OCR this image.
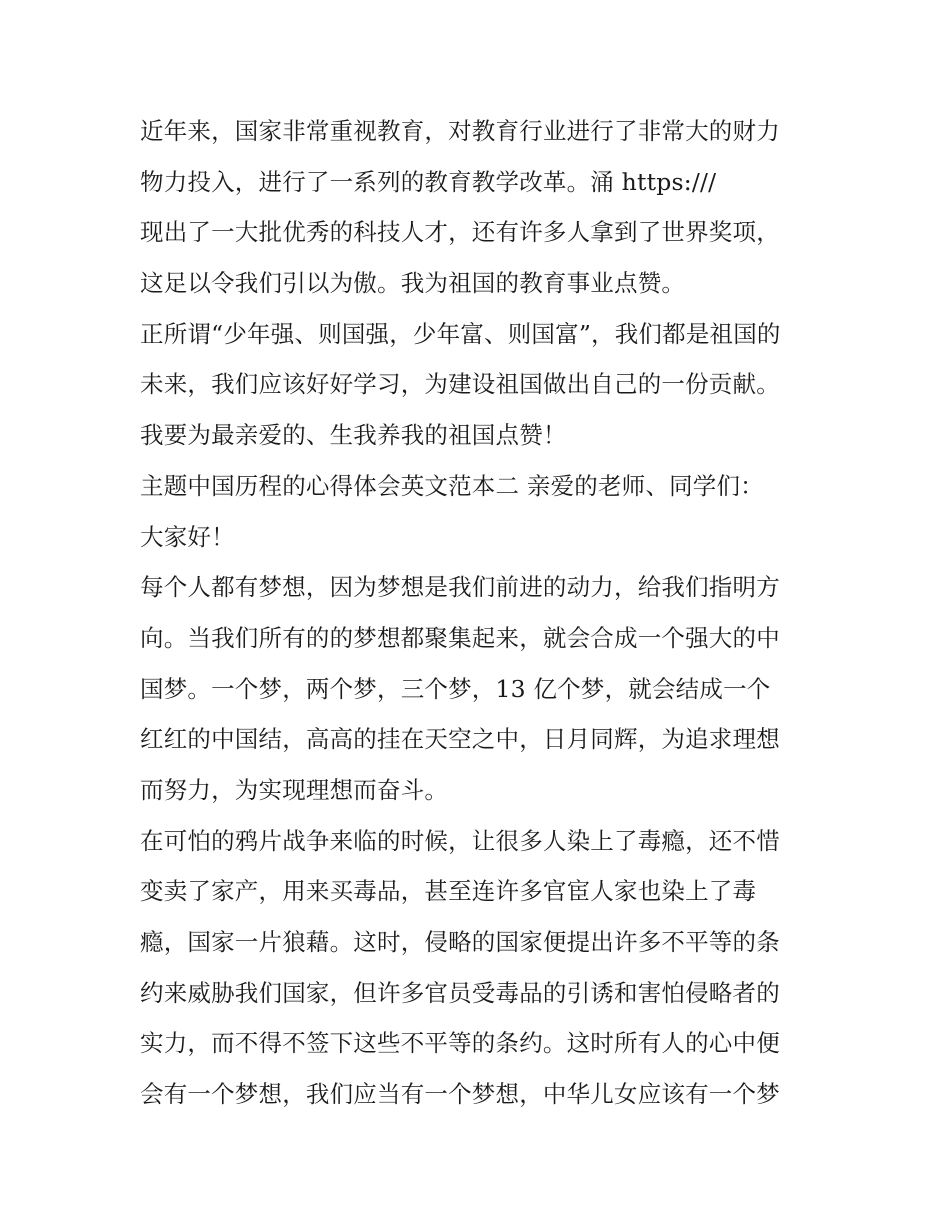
近年来，国家非常重视教育，对教育行业进行了非常大的财力
物力投入，进行了一系列的教育教学改革。涌 https:///
现出了一大批优秀的科技人才，还有许多人拿到了世界奖项，
这足以令我们引以为傲。我为祖国的教育事业点赞。
正所谓“少年强、则国强，少年富、则国富”，我们都是祖国的
未来，我们应该好好学习，为建设祖国做出自己的一份贡献。
我要为最亲爱的、生我养我的祖国点赞！
主题中国历程的心得体会英文范本二 亲爱的老师、同学们：
大家好！
每个人都有梦想，因为梦想是我们前进的动力，给我们指明方
向。当我们所有的的梦想都聚集起来，就会合成一个强大的中
国梦。一个梦，两个梦，三个梦，13 亿个梦，就会结成一个
红红的中国结，高高的挂在天空之中，日月同辉，为追求理想
而努力，为实现理想而奋斗。
在可怕的鸦片战争来临的时候，让很多人染上了毒瘾，还不惜
变卖了家产，用来买毒品，甚至连许多官宦人家也染上了毒
瘾，国家一片狼藉。这时，侵略的国家便提出许多不平等的条
约来威胁我们国家，但许多官员受毒品的引诱和害怕侵略者的
实力，而不得不签下这些不平等的条约。这时所有人的心中便
会有一个梦想，我们应当有一个梦想，中华儿女应该有一个梦
